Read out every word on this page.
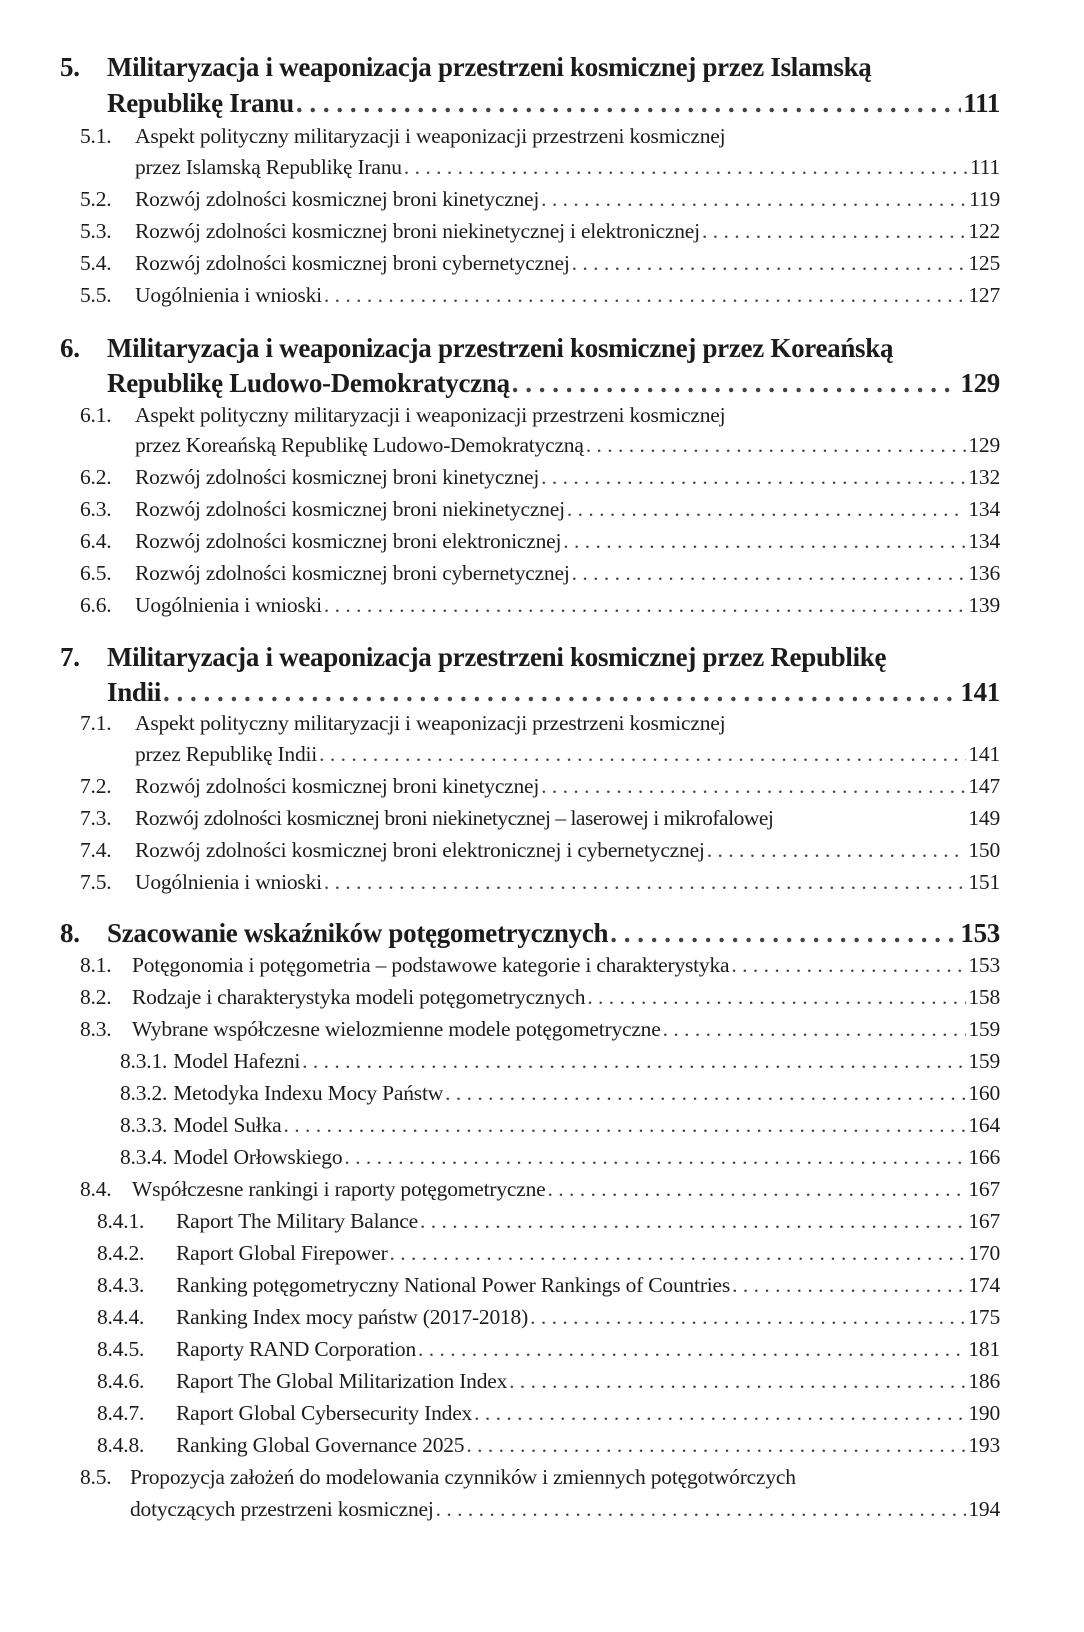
5. Militaryzacja i weaponizacja przestrzeni kosmicznej przez Islamską
Republikę Iranu . . .	111
5.1. Aspekt polityczny militaryzacji i weaponizacji przestrzeni kosmicznej
przez Islamską Republikę Iranu . . .	111
5.2.	Rozwój zdolności kosmicznej broni kinetycznej . . .	119
5.3.	Rozwój zdolności kosmicznej broni niekinetycznej i elektronicznej . . .	122
5.4.	Rozwój zdolności kosmicznej broni cybernetycznej . . .	125
5.5.	Uogólnienia i wnioski . . .	127
6. Militaryzacja i weaponizacja przestrzeni kosmicznej przez Koreańską
Republikę Ludowo-Demokratyczną . . .	129
6.1. Aspekt polityczny militaryzacji i weaponizacji przestrzeni kosmicznej
przez Koreańską Republikę Ludowo-Demokratyczną . . .	129
6.2.	Rozwój zdolności kosmicznej broni kinetycznej . . .	132
6.3.	Rozwój zdolności kosmicznej broni niekinetycznej . . .	134
6.4.	Rozwój zdolności kosmicznej broni elektronicznej . . .	134
6.5.	Rozwój zdolności kosmicznej broni cybernetycznej . . .	136
6.6.	Uogólnienia i wnioski . . .	139
7. Militaryzacja i weaponizacja przestrzeni kosmicznej przez Republikę
Indii . . .	141
7.1. Aspekt polityczny militaryzacji i weaponizacji przestrzeni kosmicznej
przez Republikę Indii . . .	141
7.2.	Rozwój zdolności kosmicznej broni kinetycznej . . .	147
7.3.	Rozwój zdolności kosmicznej broni niekinetycznej – laserowej i mikrofalowej	149
7.4.	Rozwój zdolności kosmicznej broni elektronicznej i cybernetycznej . . .	150
7.5.	Uogólnienia i wnioski . . .	151
8.	Szacowanie wskaźników potęgometrycznych . . .	153
8.1. Potęgonomia i potęgometria – podstawowe kategorie i charakterystyka . . .	153
8.2. Rodzaje i charakterystyka modeli potęgometrycznych . . .	158
8.3. Wybrane współczesne wielozmienne modele potęgometryczne . . .	159
8.3.1. Model Hafezni . . .	159
8.3.2. Metodyka Indexu Mocy Państw . . .	160
8.3.3. Model Sułka . . .	164
8.3.4. Model Orłowskiego . . .	166
8.4. Współczesne rankingi i raporty potęgometryczne . . .	167
8.4.1.	Raport The Military Balance . . .	167
8.4.2.	Raport Global Firepower . . .	170
8.4.3.	Ranking potęgometryczny National Power Rankings of Countries . . .	174
8.4.4.	Ranking Index mocy państw (2017-2018) . . .	175
8.4.5.	Raporty RAND Corporation . . .	181
8.4.6.	Raport The Global Militarization Index . . .	186
8.4.7.	Raport Global Cybersecurity Index . . .	190
8.4.8.	Ranking Global Governance 2025 . . .	193
8.5. Propozycja założeń do modelowania czynników i zmiennych potęgotwórczych
dotyczących przestrzeni kosmicznej . . .	194
